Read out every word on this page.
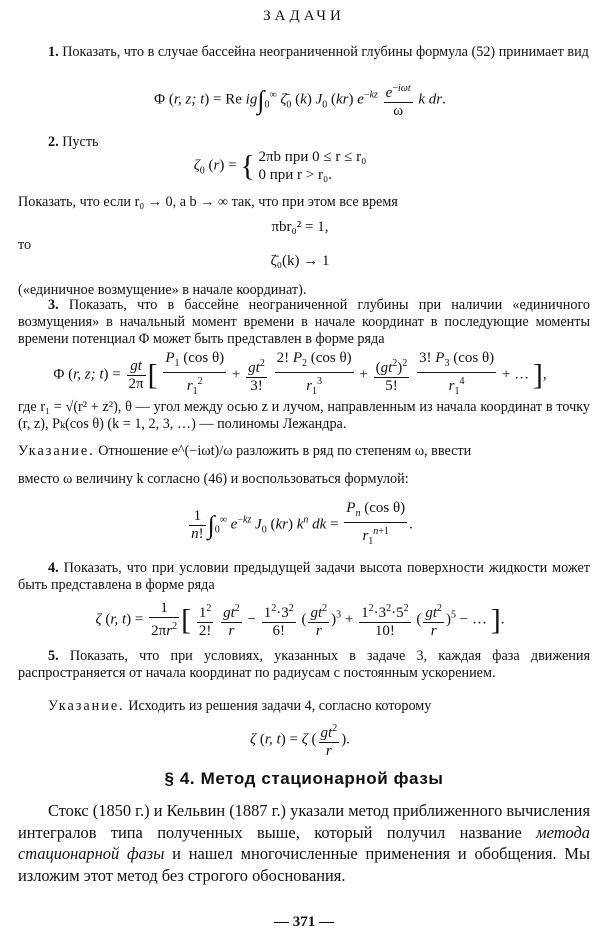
ЗАДАЧИ
1. Показать, что в случае бассейна неограниченной глубины формула (52) принимает вид
Φ (r, z; t) = Re $ig\int_0^\infty$ $\zetā_0$ (k) $J_0$ (kr) $e^{-kz} \frac{e^{-i\omega t}}{\omega}$ k dr.
2. Пусть
$\zeta_0$ (r) = { 2πb при 0 ≤ r ≤ r₀
0 при r > r₀.
Показать, что если r₀ → 0, а b → ∞ так, что при этом все время
πbr₀² = 1,
то
ζ̄₀(k) → 1
(«единичное возмущение» в начале координат).
3. Показать, что в бассейне неограниченной глубины при наличии «единичного возмущения» в начальный момент времени в начале координат в последующие моменты времени потенциал Φ может быть представлен в форме ряда
Φ (r, z; $t) = \frac{gt}{2\pi}$ [ $\frac{P_1 (\cos \theta)}{r_1^2} + \frac{gt^2}{3!}$
$\frac{2! P_2 (\cos \theta)}{r_1^3} + \frac{(gt^2)^2}{5!}$
$\frac{3! P_3 (\cos \theta)}{r_1^4}$ + … ],
где r₁ = √(r² + z²), θ — угол между осью z и лучом, направленным из начала координат в точку (r, z), Pₖ(cos θ) (k = 1, 2, 3, …) — полиномы Лежандра.
Указание. Отношение e^(−iωt)/ω разложить в ряд по степеням ω, ввести
вместо ω величину k согласно (46) и воспользоваться формулой:
$\frac{1}{n!} \int_0^\infty$ $e^{-kz}$ $J_0$ (kr) $k^n$ dk = $\frac{P_n (\cos \theta)}{r_1^{n+1}}$ .
4. Показать, что при условии предыдущей задачи высота поверхности жидкости может быть представлена в форме ряда
ζ (r, $t) = \frac{1}{2\pi r^2}$ [ $\frac{1^2}{2!}$
$\frac{gt^2}{r} - \frac{1^2\cdot 3^2}{6!}$ ( $\frac{gt^2}{r} )^3 + \frac{1^2\cdot 3^2\cdot 5^2}{10!}$ ( $\frac{gt^2}{r} )^5$ − … ].
5. Показать, что при условиях, указанных в задаче 3, каждая фаза движения распространяется от начала координат по радиусам с постоянным ускорением.
Указание. Исходить из решения задачи 4, согласно которому
ζ (r, t) = ζ ( $\frac{gt^2}{r}$ ).
§ 4. Метод стационарной фазы
Стокс (1850 г.) и Кельвин (1887 г.) указали метод приближенного вычисления интегралов типа полученных выше, который получил название метода стационарной фазы и нашел многочисленные применения и обобщения. Мы изложим этот метод без строгого обоснования.
— 371 —
